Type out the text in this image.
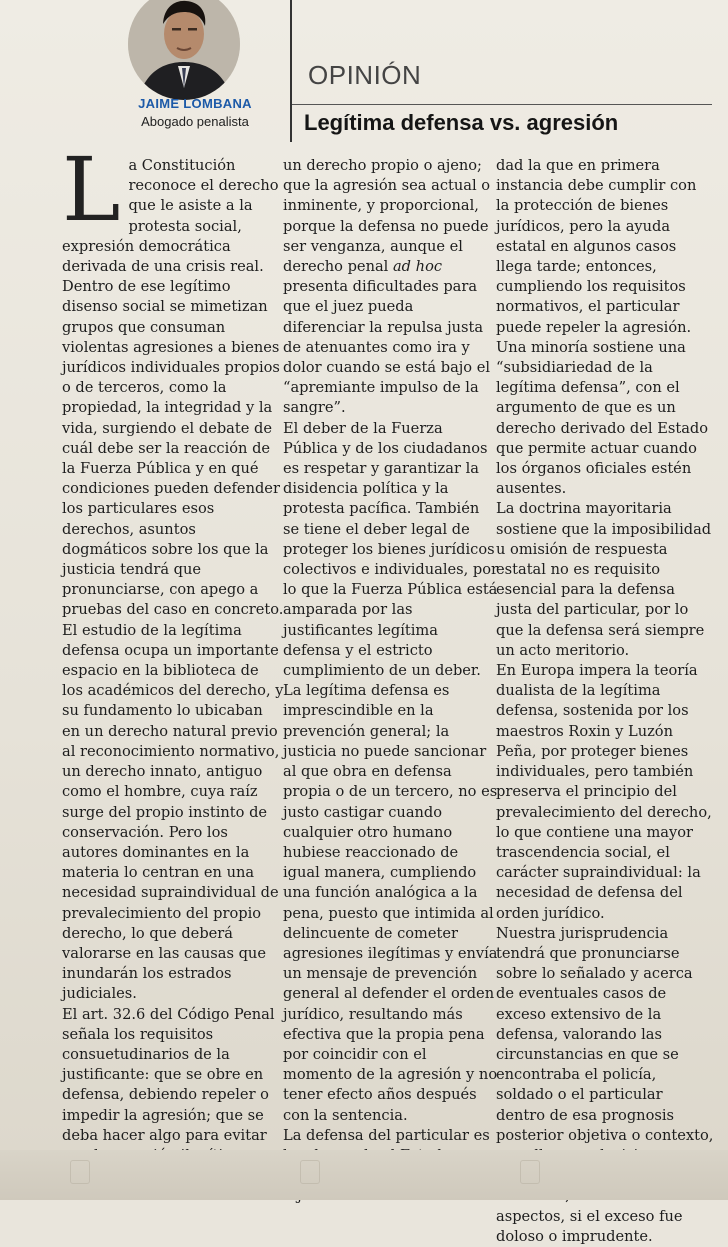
JAIME LOMBANA
Abogado penalista
OPINIÓN
Legítima defensa vs. agresión

La Constitución reconoce el derecho que le asiste a la protesta social, expresión democrática derivada de una crisis real. Dentro de ese legítimo disenso social se mimetizan grupos que consuman violentas agresiones a bienes jurídicos individuales propios o de terceros, como la propiedad, la integridad y la vida, surgiendo el debate de cuál debe ser la reacción de la Fuerza Pública y en qué condiciones pueden defender los particulares esos derechos, asuntos dogmáticos sobre los que la justicia tendrá que pronunciarse, con apego a pruebas del caso en concreto.

El estudio de la legítima defensa ocupa un importante espacio en la biblioteca de los académicos del derecho, y su fundamento lo ubicaban en un derecho natural previo al reconocimiento normativo, un derecho innato, antiguo como el hombre, cuya raíz surge del propio instinto de conservación. Pero los autores dominantes en la materia lo centran en una necesidad supraindividual de prevalecimiento del propio derecho, lo que deberá valorarse en las causas que inundarán los estrados judiciales.

El art. 32.6 del Código Penal señala los requisitos consuetudinarios de la justificante: que se obre en defensa, debiendo repeler o impedir la agresión; que se deba hacer algo para evitar

un derecho propio o ajeno; que la agresión sea actual o inminente, y proporcional, porque la defensa no puede ser venganza, aunque el derecho penal ad hoc presenta dificultades para que el juez pueda diferenciar la repulsa justa de atenuantes como ira y dolor cuando se está bajo el “apremiante impulso de la sangre”.

El deber de la Fuerza Pública y de los ciudadanos es respetar y garantizar la disidencia política y la protesta pacífica. También se tiene el deber legal de proteger los bienes jurídicos colectivos e individuales, por lo que la Fuerza Pública está amparada por las justificantes legítima defensa y el estricto cumplimiento de un deber. La legítima defensa es imprescindible en la prevención general; la justicia no puede sancionar al que obra en defensa propia o de un tercero, no es justo castigar cuando cualquier otro humano hubiese reaccionado de igual manera, cumpliendo una función analógica a la pena, puesto que intimida al delincuente de cometer agresiones ilegítimas y envía un mensaje de prevención general al defender el orden jurídico, resultando más efectiva que la propia pena por coincidir con el momento de la agresión y no tener efecto años después con la sentencia.

La defensa del particular es

dad la que en primera instancia debe cumplir con la protección de bienes jurídicos, pero la ayuda estatal en algunos casos llega tarde; entonces, cumpliendo los requisitos normativos, el particular puede repeler la agresión. Una minoría sostiene una “subsidiariedad de la legítima defensa”, con el argumento de que es un derecho derivado del Estado que permite actuar cuando los órganos oficiales estén ausentes.

La doctrina mayoritaria sostiene que la imposibilidad u omisión de respuesta estatal no es requisito esencial para la defensa justa del particular, por lo que la defensa será siempre un acto meritorio.

En Europa impera la teoría dualista de la legítima defensa, sostenida por los maestros Roxin y Luzón Peña, por proteger bienes individuales, pero también preserva el principio del prevalecimiento del derecho, lo que contiene una mayor trascendencia social, el carácter supraindividual: la necesidad de defensa del orden jurídico.

Nuestra jurisprudencia tendrá que pronunciarse sobre lo señalado y acerca de eventuales casos de exceso extensivo de la defensa, valorando las circunstancias en que se encontraba el policía, soldado o el particular dentro de esa prognosis posterior objetiva o contexto, aspectos, si el exceso fue doloso o imprudente.
